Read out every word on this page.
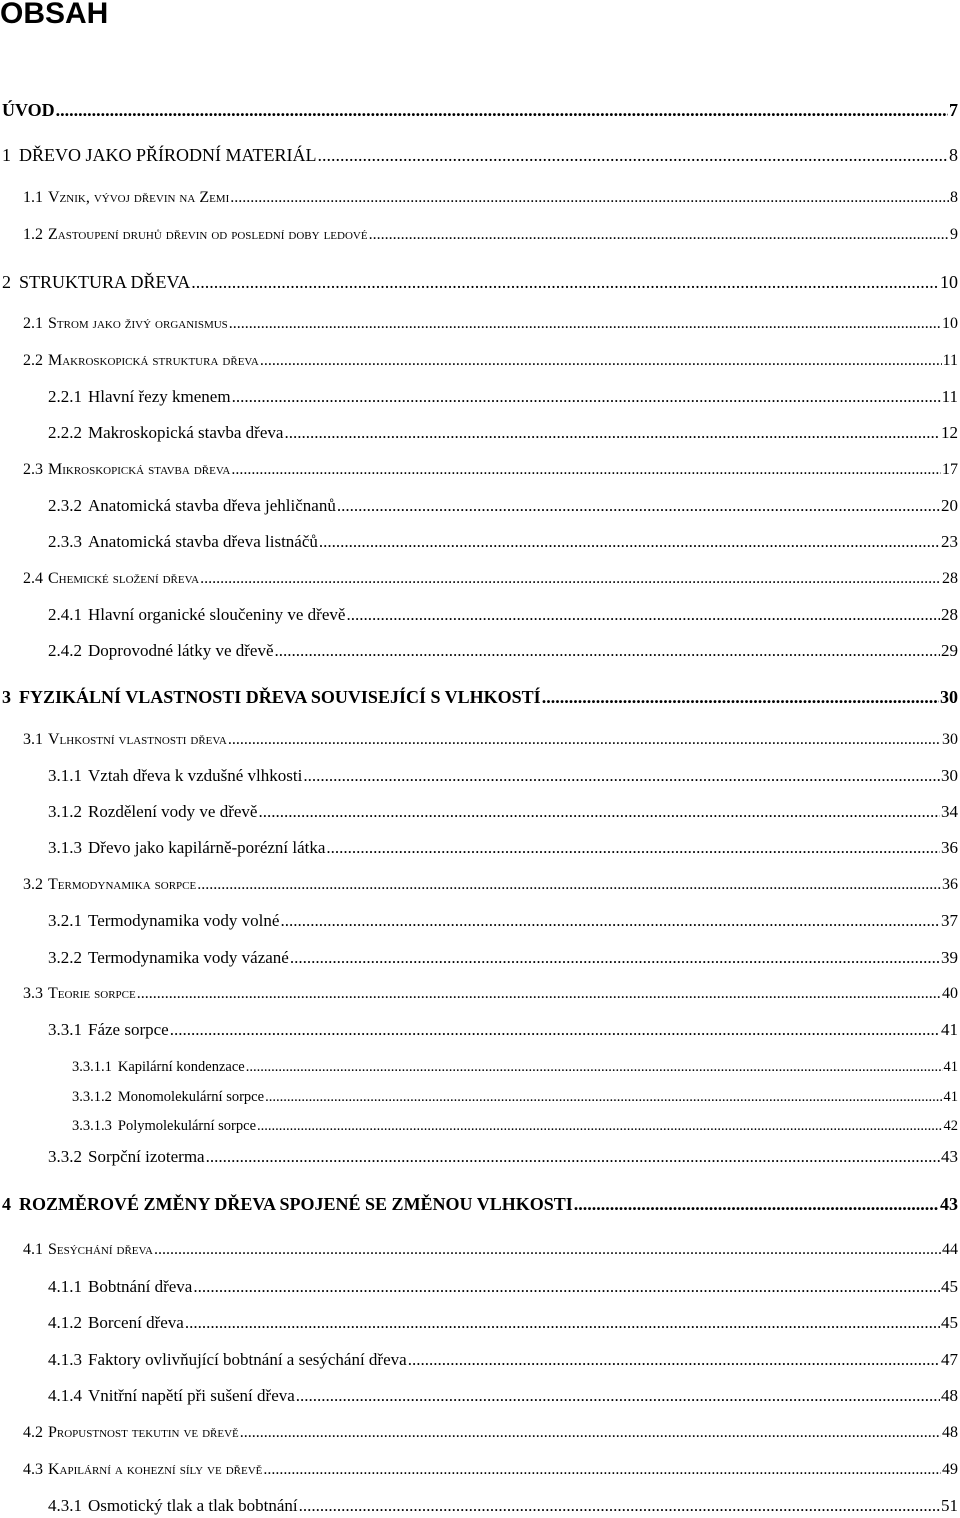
OBSAH
ÚVOD .....	7
1 DŘEVO JAKO PŘÍRODNÍ MATERIÁL .....	8
1.1 Vznik, vývoj dřevin na Zemi .....	8
1.2 Zastoupení druhů dřevin od poslední doby ledové .....	9
2 STRUKTURA DŘEVA .....	10
2.1 Strom jako živý organismus .....	10
2.2 Makroskopická struktura dřeva .....	11
2.2.1 Hlavní řezy kmenem .....	11
2.2.2 Makroskopická stavba dřeva .....	12
2.3 Mikroskopická stavba dřeva .....	17
2.3.2 Anatomická stavba dřeva jehličnanů .....	20
2.3.3 Anatomická stavba dřeva listnáčů .....	23
2.4 Chemické složení dřeva .....	28
2.4.1 Hlavní organické sloučeniny ve dřevě .....	28
2.4.2 Doprovodné látky ve dřevě .....	29
3 FYZIKÁLNÍ VLASTNOSTI DŘEVA SOUVISEJÍCÍ S VLHKOSTÍ .....	30
3.1 Vlhkostní vlastnosti dřeva .....	30
3.1.1 Vztah dřeva k vzdušné vlhkosti .....	30
3.1.2 Rozdělení vody ve dřevě .....	34
3.1.3 Dřevo jako kapilárně-porézní látka .....	36
3.2 Termodynamika sorpce .....	36
3.2.1 Termodynamika vody volné .....	37
3.2.2 Termodynamika vody vázané .....	39
3.3 Teorie sorpce .....	40
3.3.1 Fáze sorpce .....	41
3.3.1.1 Kapilární kondenzace .....	41
3.3.1.2 Monomolekulární sorpce .....	41
3.3.1.3 Polymolekulární sorpce .....	42
3.3.2 Sorpční izoterma .....	43
4 ROZMĚROVÉ ZMĚNY DŘEVA SPOJENÉ SE ZMĚNOU VLHKOSTI .....	43
4.1 Sesýchání dřeva .....	44
4.1.1 Bobtnání dřeva .....	45
4.1.2 Borcení dřeva .....	45
4.1.3 Faktory ovlivňující bobtnání a sesýchání dřeva .....	47
4.1.4 Vnitřní napětí při sušení dřeva .....	48
4.2 Propustnost tekutin ve dřevě .....	48
4.3 Kapilární a kohezní síly ve dřevě .....	49
4.3.1 Osmotický tlak a tlak bobtnání .....	51
